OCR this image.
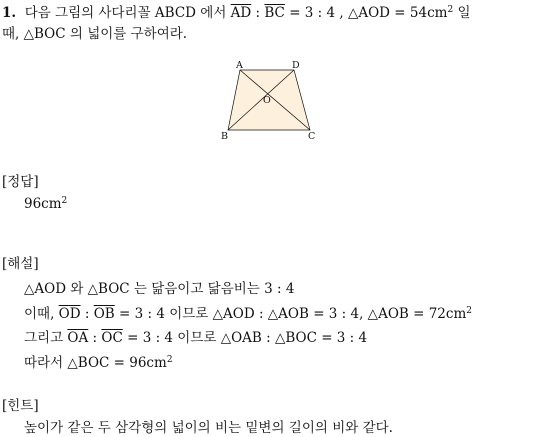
1. 다음 그림의 사다리꼴 ABCD 에서 $\overline{AD}$ : $\overline{BC} = 3$ : 4 , △AOD = $54cm^2$ 일
때, △BOC 의 넓이를 구하여라.
A	D
O
B	C
[정답]
$96cm^2$
[해설]
△AOD 와 △BOC 는 닮음이고 닮음비는 3 : 4
이때, $\overline{OD}$ : $\overline{OB} = 3$ : 4 이므로 △AOD : △AOB = 3 : 4, △AOB = $72cm^2$
그리고 $\overline{OA}$ : $\overline{OC} = 3$ : 4 이므로 △OAB : △BOC = 3 : 4
따라서 △BOC = $96cm^2$
[힌트]
높이가 같은 두 삼각형의 넓이의 비는 밑변의 길이의 비와 같다.
